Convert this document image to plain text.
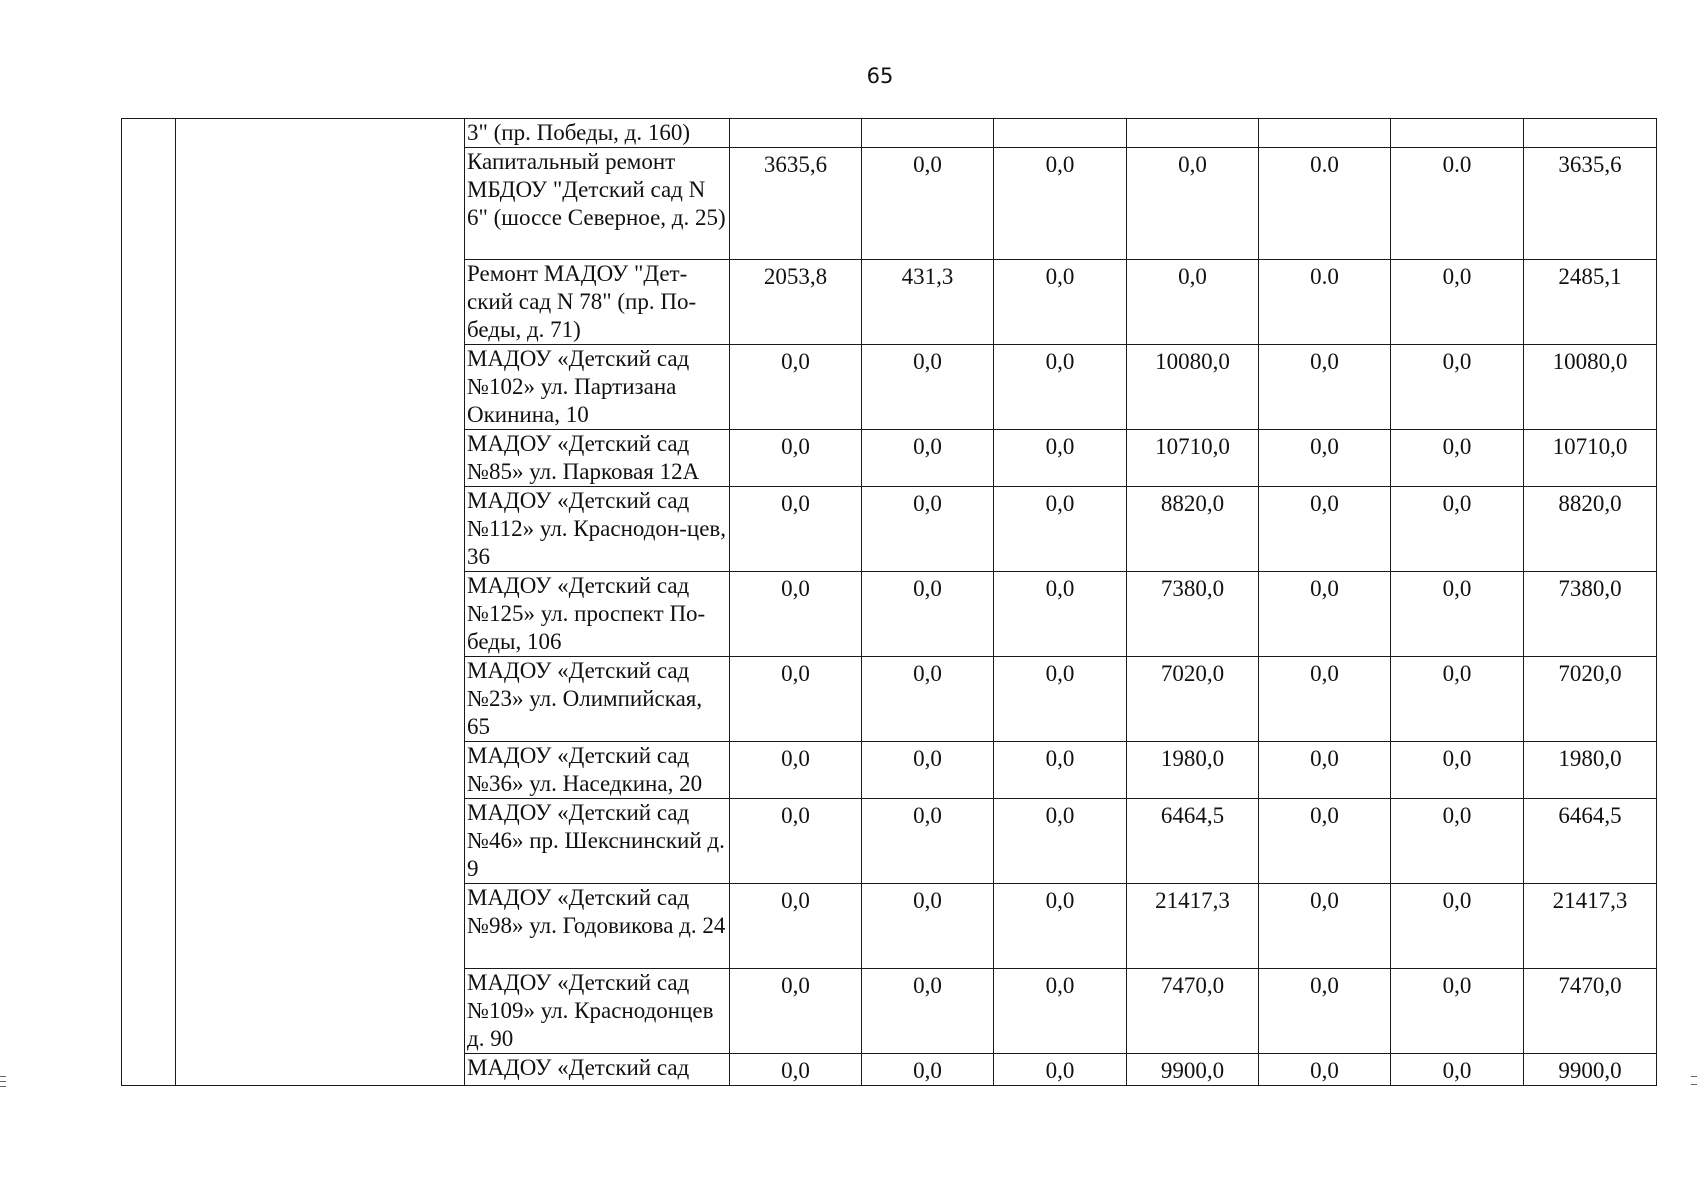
65
		3" (пр. Победы, д. 160)							
		Капитальный ремонт МБДОУ "Детский сад N 6" (шоссе Северное, д. 25)	3635,6	0,0	0,0	0,0	0.0	0.0	3635,6
		Ремонт МАДОУ "Дет-ский сад N 78" (пр. По-беды, д. 71)	2053,8	431,3	0,0	0,0	0.0	0,0	2485,1
		МАДОУ «Детский сад №102» ул. Партизана Окинина, 10	0,0	0,0	0,0	10080,0	0,0	0,0	10080,0
		МАДОУ «Детский сад №85» ул. Парковая 12А	0,0	0,0	0,0	10710,0	0,0	0,0	10710,0
		МАДОУ «Детский сад №112» ул. Краснодон-цев, 36	0,0	0,0	0,0	8820,0	0,0	0,0	8820,0
		МАДОУ «Детский сад №125» ул. проспект По-беды, 106	0,0	0,0	0,0	7380,0	0,0	0,0	7380,0
		МАДОУ «Детский сад №23» ул. Олимпийская, 65	0,0	0,0	0,0	7020,0	0,0	0,0	7020,0
		МАДОУ «Детский сад №36» ул. Наседкина, 20	0,0	0,0	0,0	1980,0	0,0	0,0	1980,0
		МАДОУ «Детский сад №46» пр. Шекснинский д. 9	0,0	0,0	0,0	6464,5	0,0	0,0	6464,5
		МАДОУ «Детский сад №98» ул. Годовикова д. 24	0,0	0,0	0,0	21417,3	0,0	0,0	21417,3
		МАДОУ «Детский сад №109» ул. Краснодонцев д. 90	0,0	0,0	0,0	7470,0	0,0	0,0	7470,0
		МАДОУ «Детский сад	0,0	0,0	0,0	9900,0	0,0	0,0	9900,0
